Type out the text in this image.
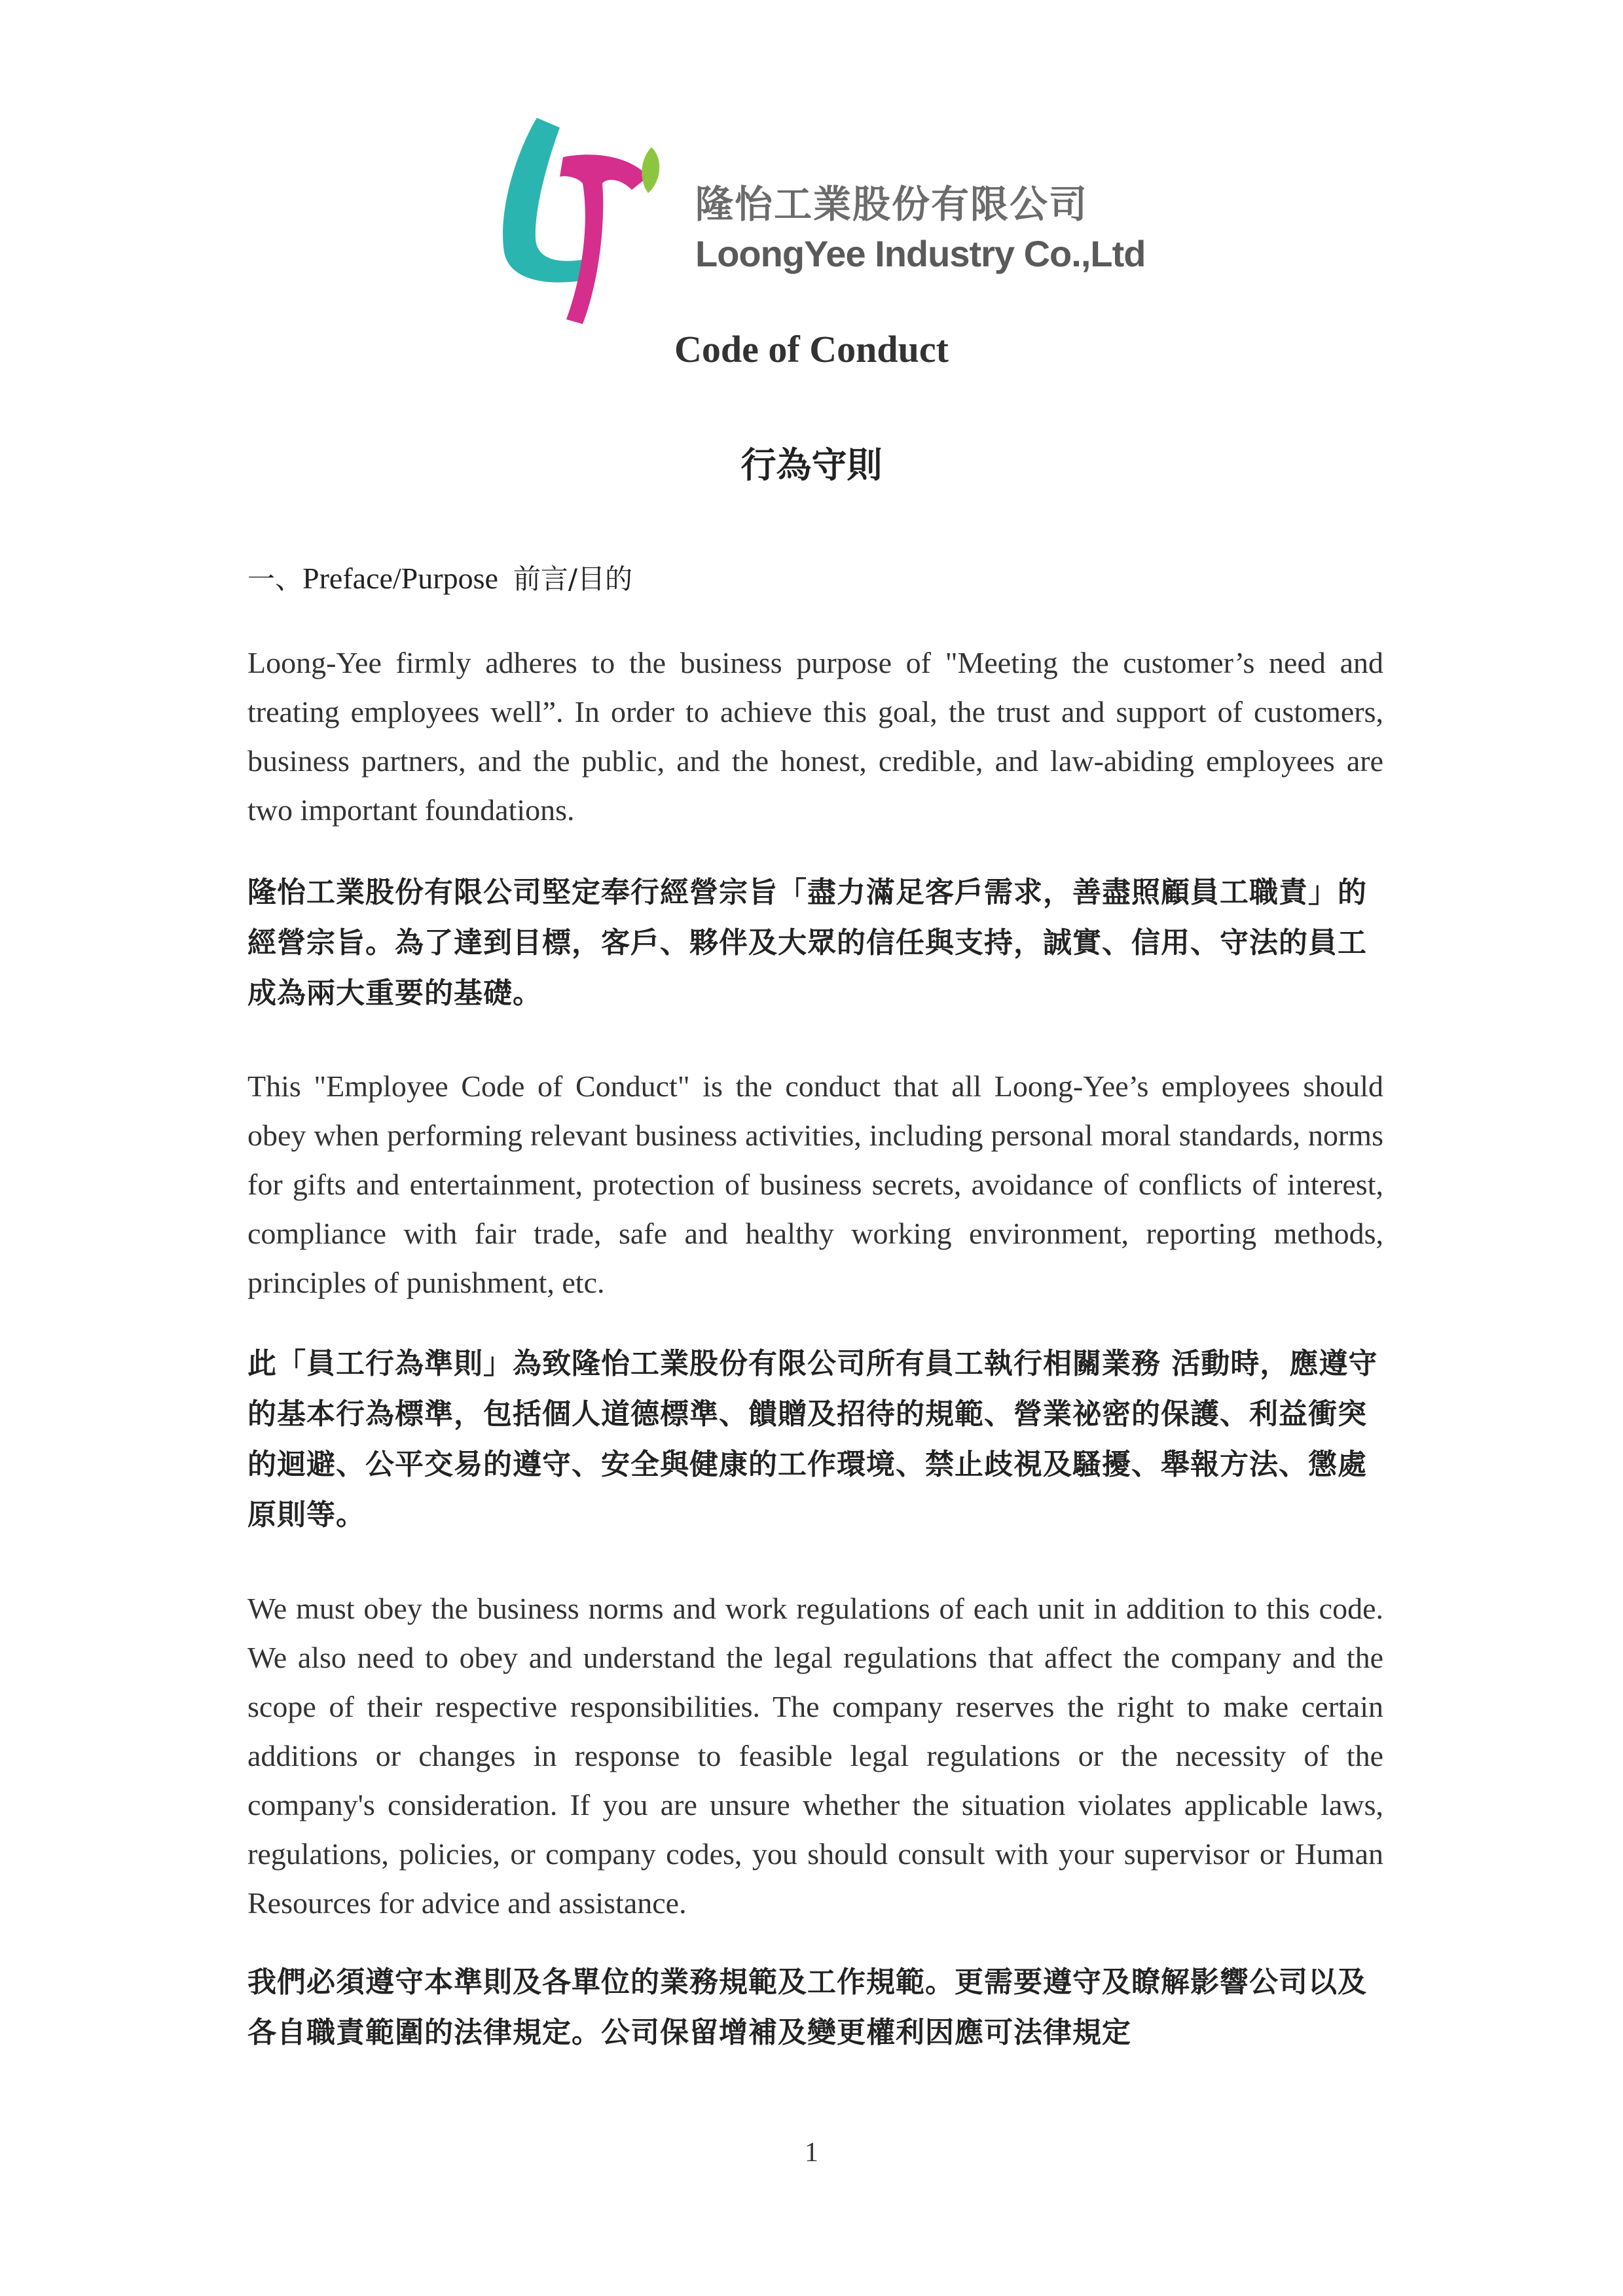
隆怡工業股份有限公司
LoongYee Industry Co.,Ltd
Code of Conduct
行為守則
一、Preface/Purpose 前言/目的
Loong-Yee firmly adheres to the business purpose of "Meeting the customer’s need and treating employees well”. In order to achieve this goal, the trust and support of customers, business partners, and the public, and the honest, credible, and law-abiding employees are two important foundations.
隆怡工業股份有限公司堅定奉行經營宗旨「盡力滿足客戶需求，善盡照顧員工職責」的經營宗旨。為了達到目標，客戶、夥伴及大眾的信任與支持，誠實、信用、守法的員工成為兩大重要的基礎。
This "Employee Code of Conduct" is the conduct that all Loong-Yee’s employees should obey when performing relevant business activities, including personal moral standards, norms for gifts and entertainment, protection of business secrets, avoidance of conflicts of interest, compliance with fair trade, safe and healthy working environment, reporting methods, principles of punishment, etc.
此「員工行為準則」為致隆怡工業股份有限公司所有員工執行相關業務 活動時，應遵守的基本行為標準，包括個人道德標準、饋贈及招待的規範、營業祕密的保護、利益衝突的迴避、公平交易的遵守、安全與健康的工作環境、禁止歧視及騷擾、舉報方法、懲處原則等。
We must obey the business norms and work regulations of each unit in addition to this code. We also need to obey and understand the legal regulations that affect the company and the scope of their respective responsibilities. The company reserves the right to make certain additions or changes in response to feasible legal regulations or the necessity of the company's consideration. If you are unsure whether the situation violates applicable laws, regulations, policies, or company codes, you should consult with your supervisor or Human Resources for advice and assistance.
我們必須遵守本準則及各單位的業務規範及工作規範。更需要遵守及瞭解影響公司以及各自職責範圍的法律規定。公司保留增補及變更權利因應可法律規定
1
